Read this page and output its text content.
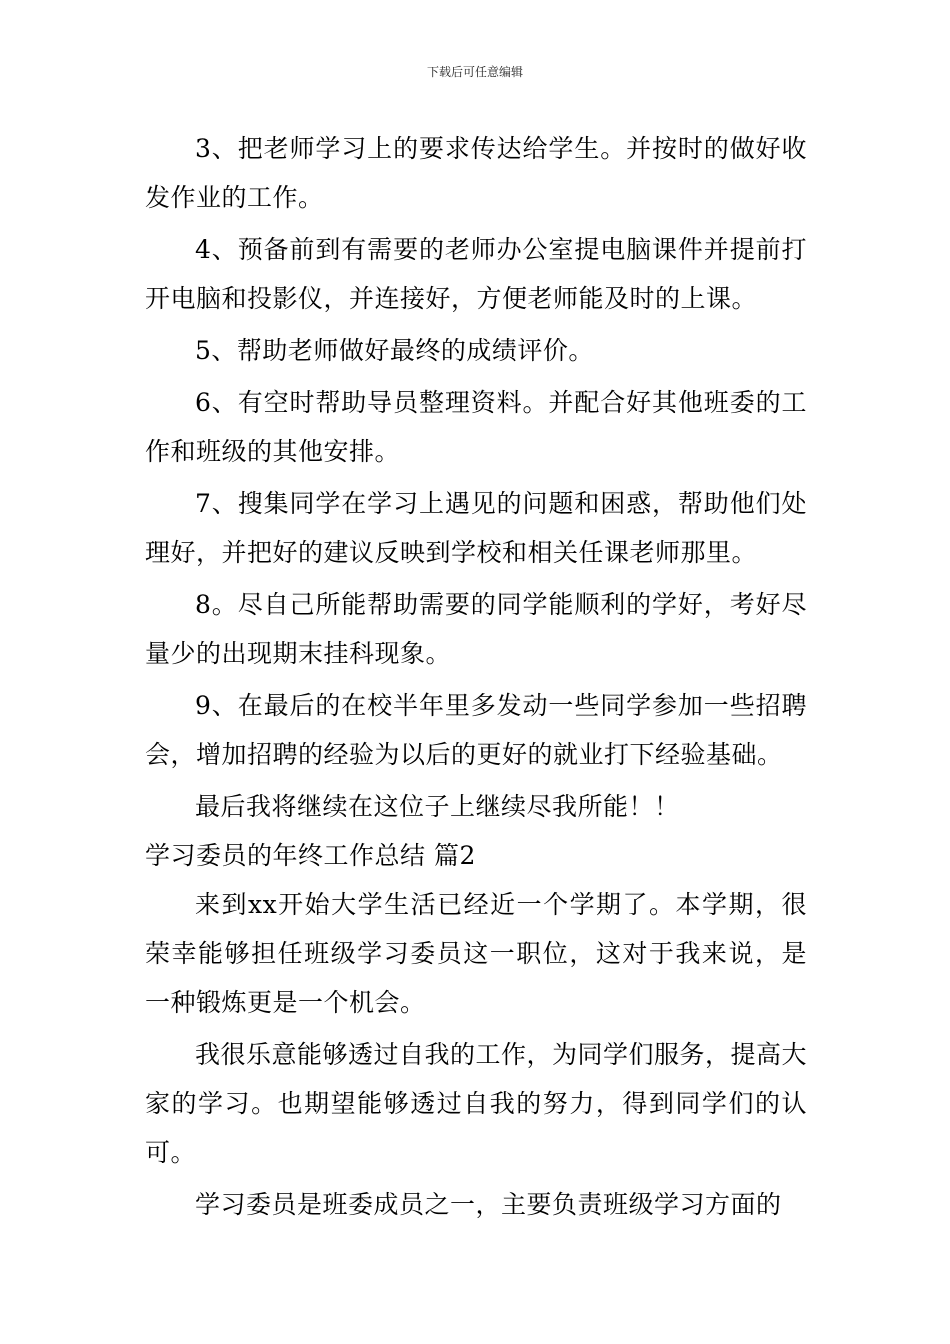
下载后可任意编辑

3、把老师学习上的要求传达给学生。并按时的做好收发作业的工作。

4、预备前到有需要的老师办公室提电脑课件并提前打开电脑和投影仪，并连接好，方便老师能及时的上课。

5、帮助老师做好最终的成绩评价。

6、有空时帮助导员整理资料。并配合好其他班委的工作和班级的其他安排。

7、搜集同学在学习上遇见的问题和困惑，帮助他们处理好，并把好的建议反映到学校和相关任课老师那里。

8。尽自己所能帮助需要的同学能顺利的学好，考好尽量少的出现期末挂科现象。

9、在最后的在校半年里多发动一些同学参加一些招聘会，增加招聘的经验为以后的更好的就业打下经验基础。

最后我将继续在这位子上继续尽我所能！！

学习委员的年终工作总结 篇2

来到xx开始大学生活已经近一个学期了。本学期，很荣幸能够担任班级学习委员这一职位，这对于我来说，是一种锻炼更是一个机会。

我很乐意能够透过自我的工作，为同学们服务，提高大家的学习。也期望能够透过自我的努力，得到同学们的认可。

学习委员是班委成员之一，主要负责班级学习方面的
